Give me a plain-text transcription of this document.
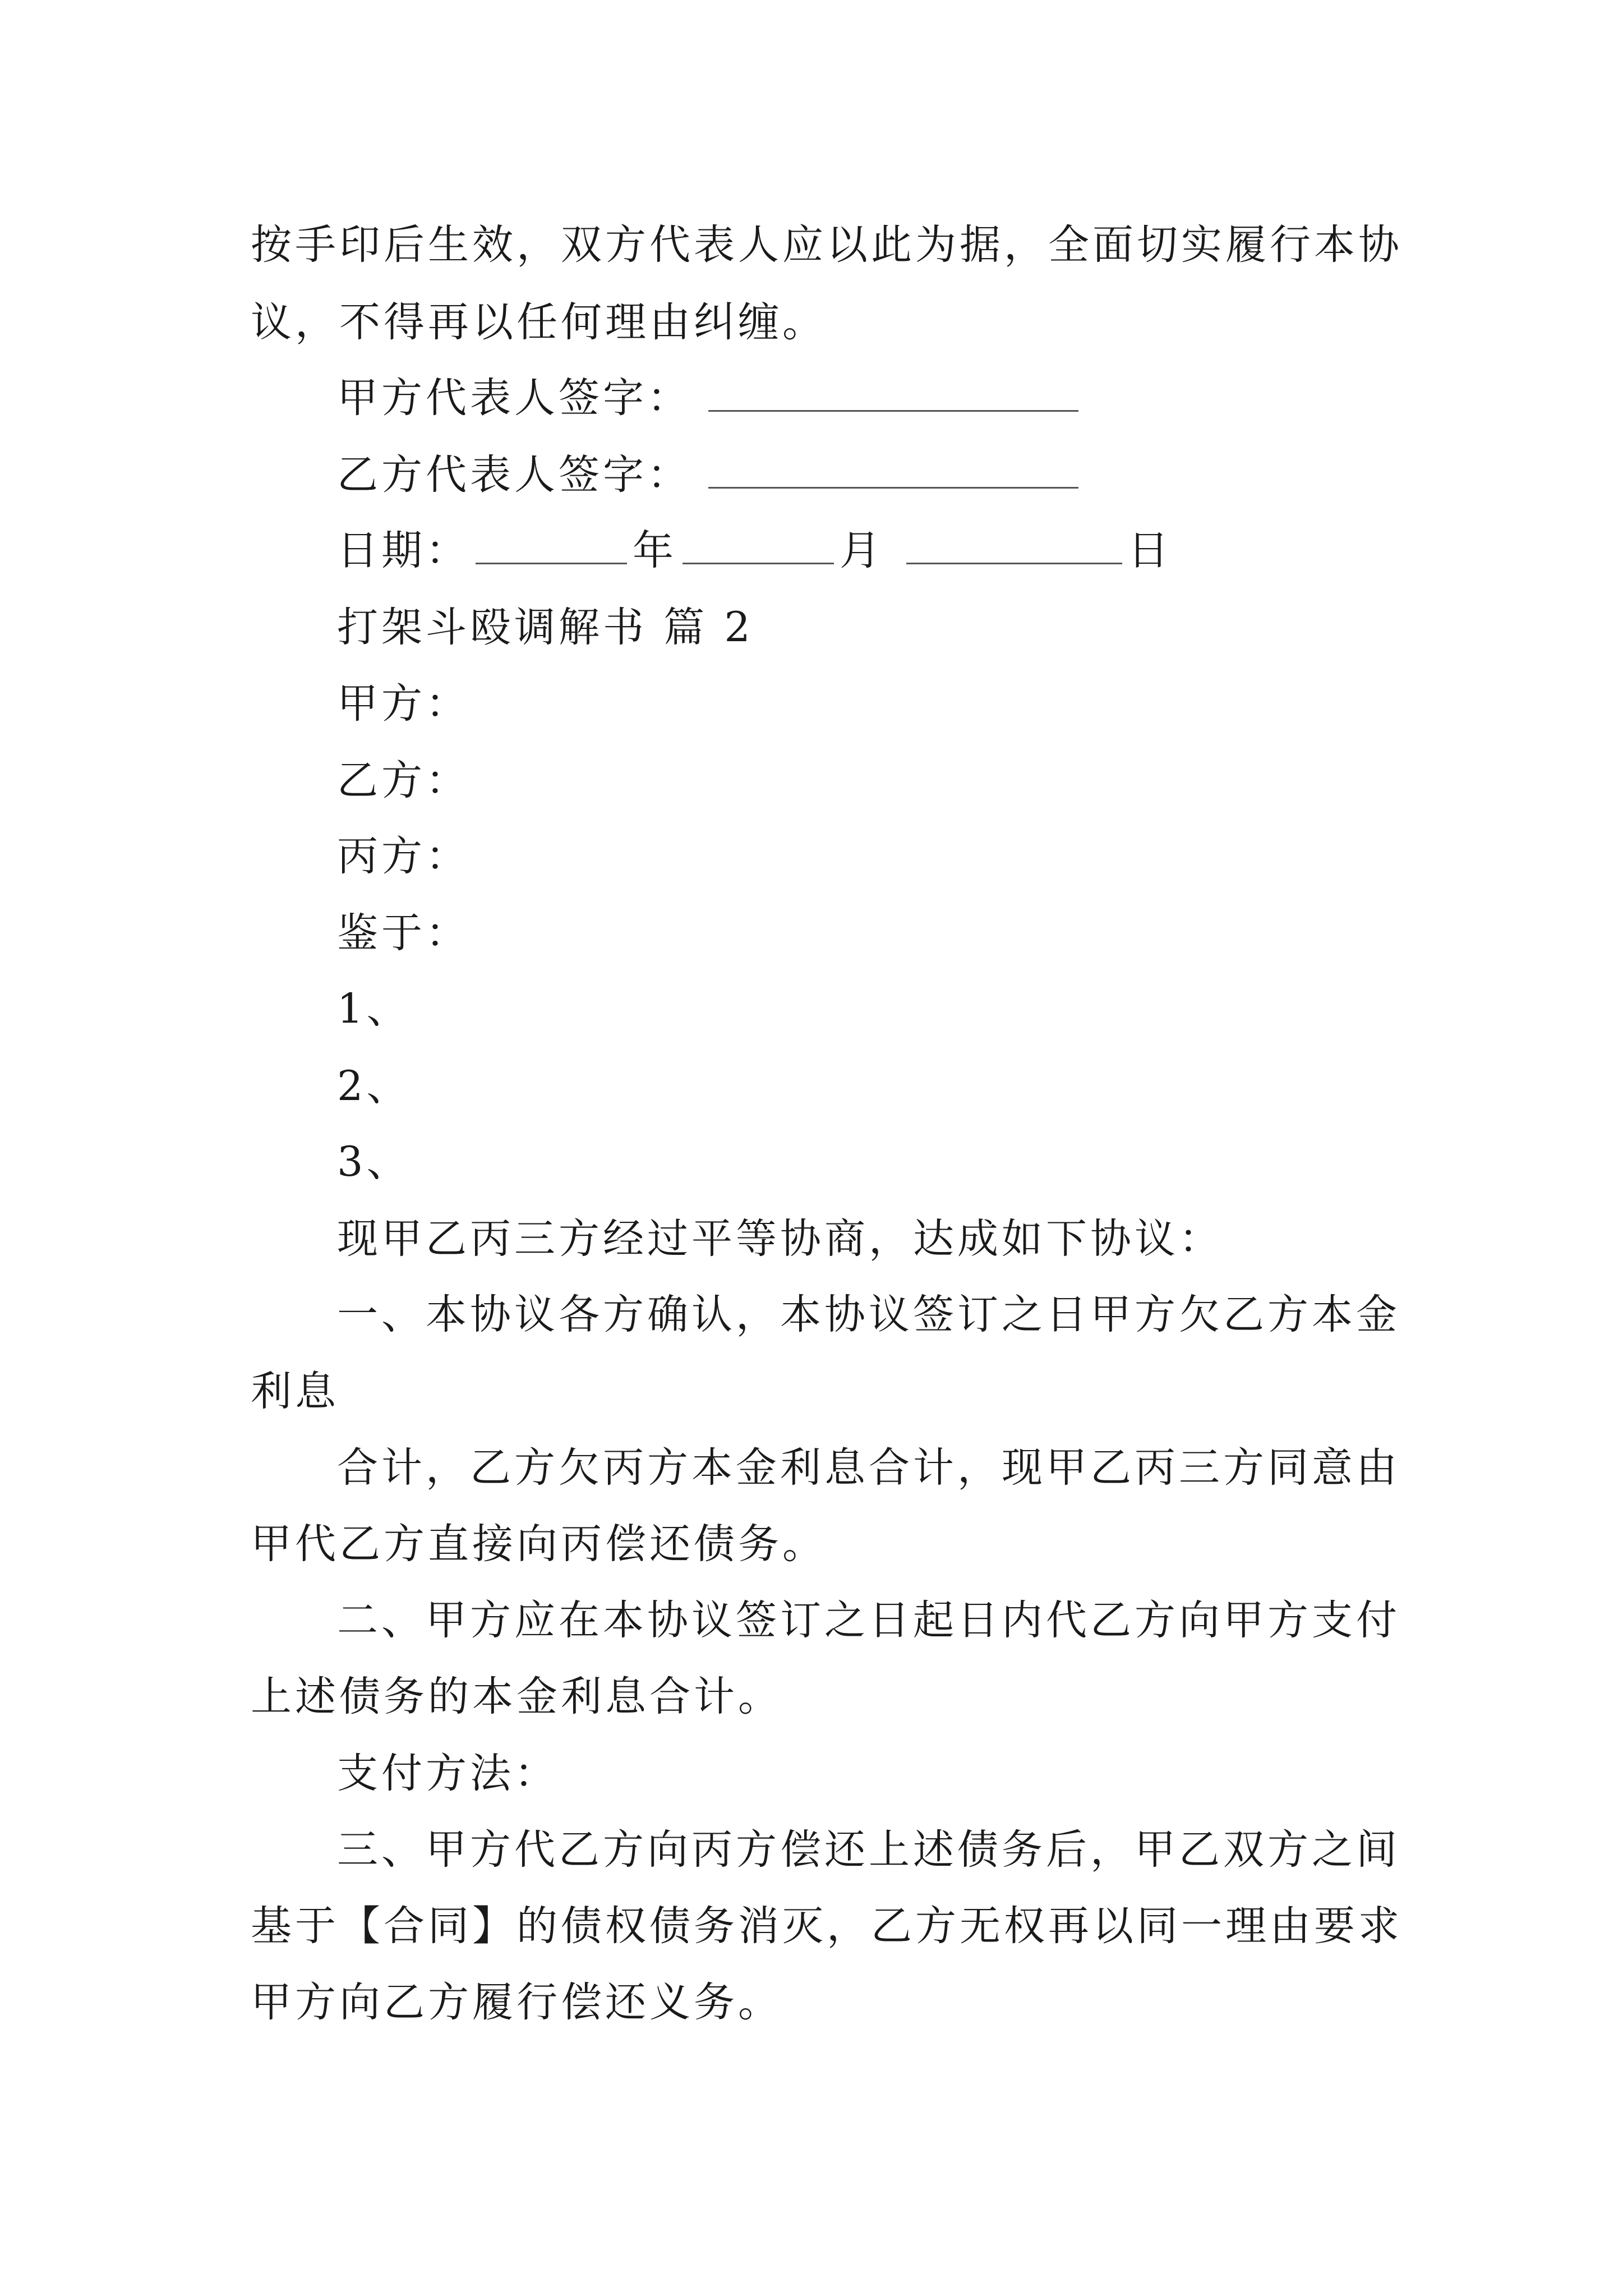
按手印后生效，双方代表人应以此为据，全面切实履行本协
议，不得再以任何理由纠缠。
甲方代表人签字：
乙方代表人签字：
日期：	年	月	日
打架斗殴调解书 篇 2
甲方：
乙方：
丙方：
鉴于：
1、
2、
3、
现甲乙丙三方经过平等协商，达成如下协议：
一、本协议各方确认，本协议签订之日甲方欠乙方本金
利息
合计，乙方欠丙方本金利息合计，现甲乙丙三方同意由
甲代乙方直接向丙偿还债务。
二、甲方应在本协议签订之日起日内代乙方向甲方支付
上述债务的本金利息合计。
支付方法：
三、甲方代乙方向丙方偿还上述债务后，甲乙双方之间
基于【合同】的债权债务消灭，乙方无权再以同一理由要求
甲方向乙方履行偿还义务。
